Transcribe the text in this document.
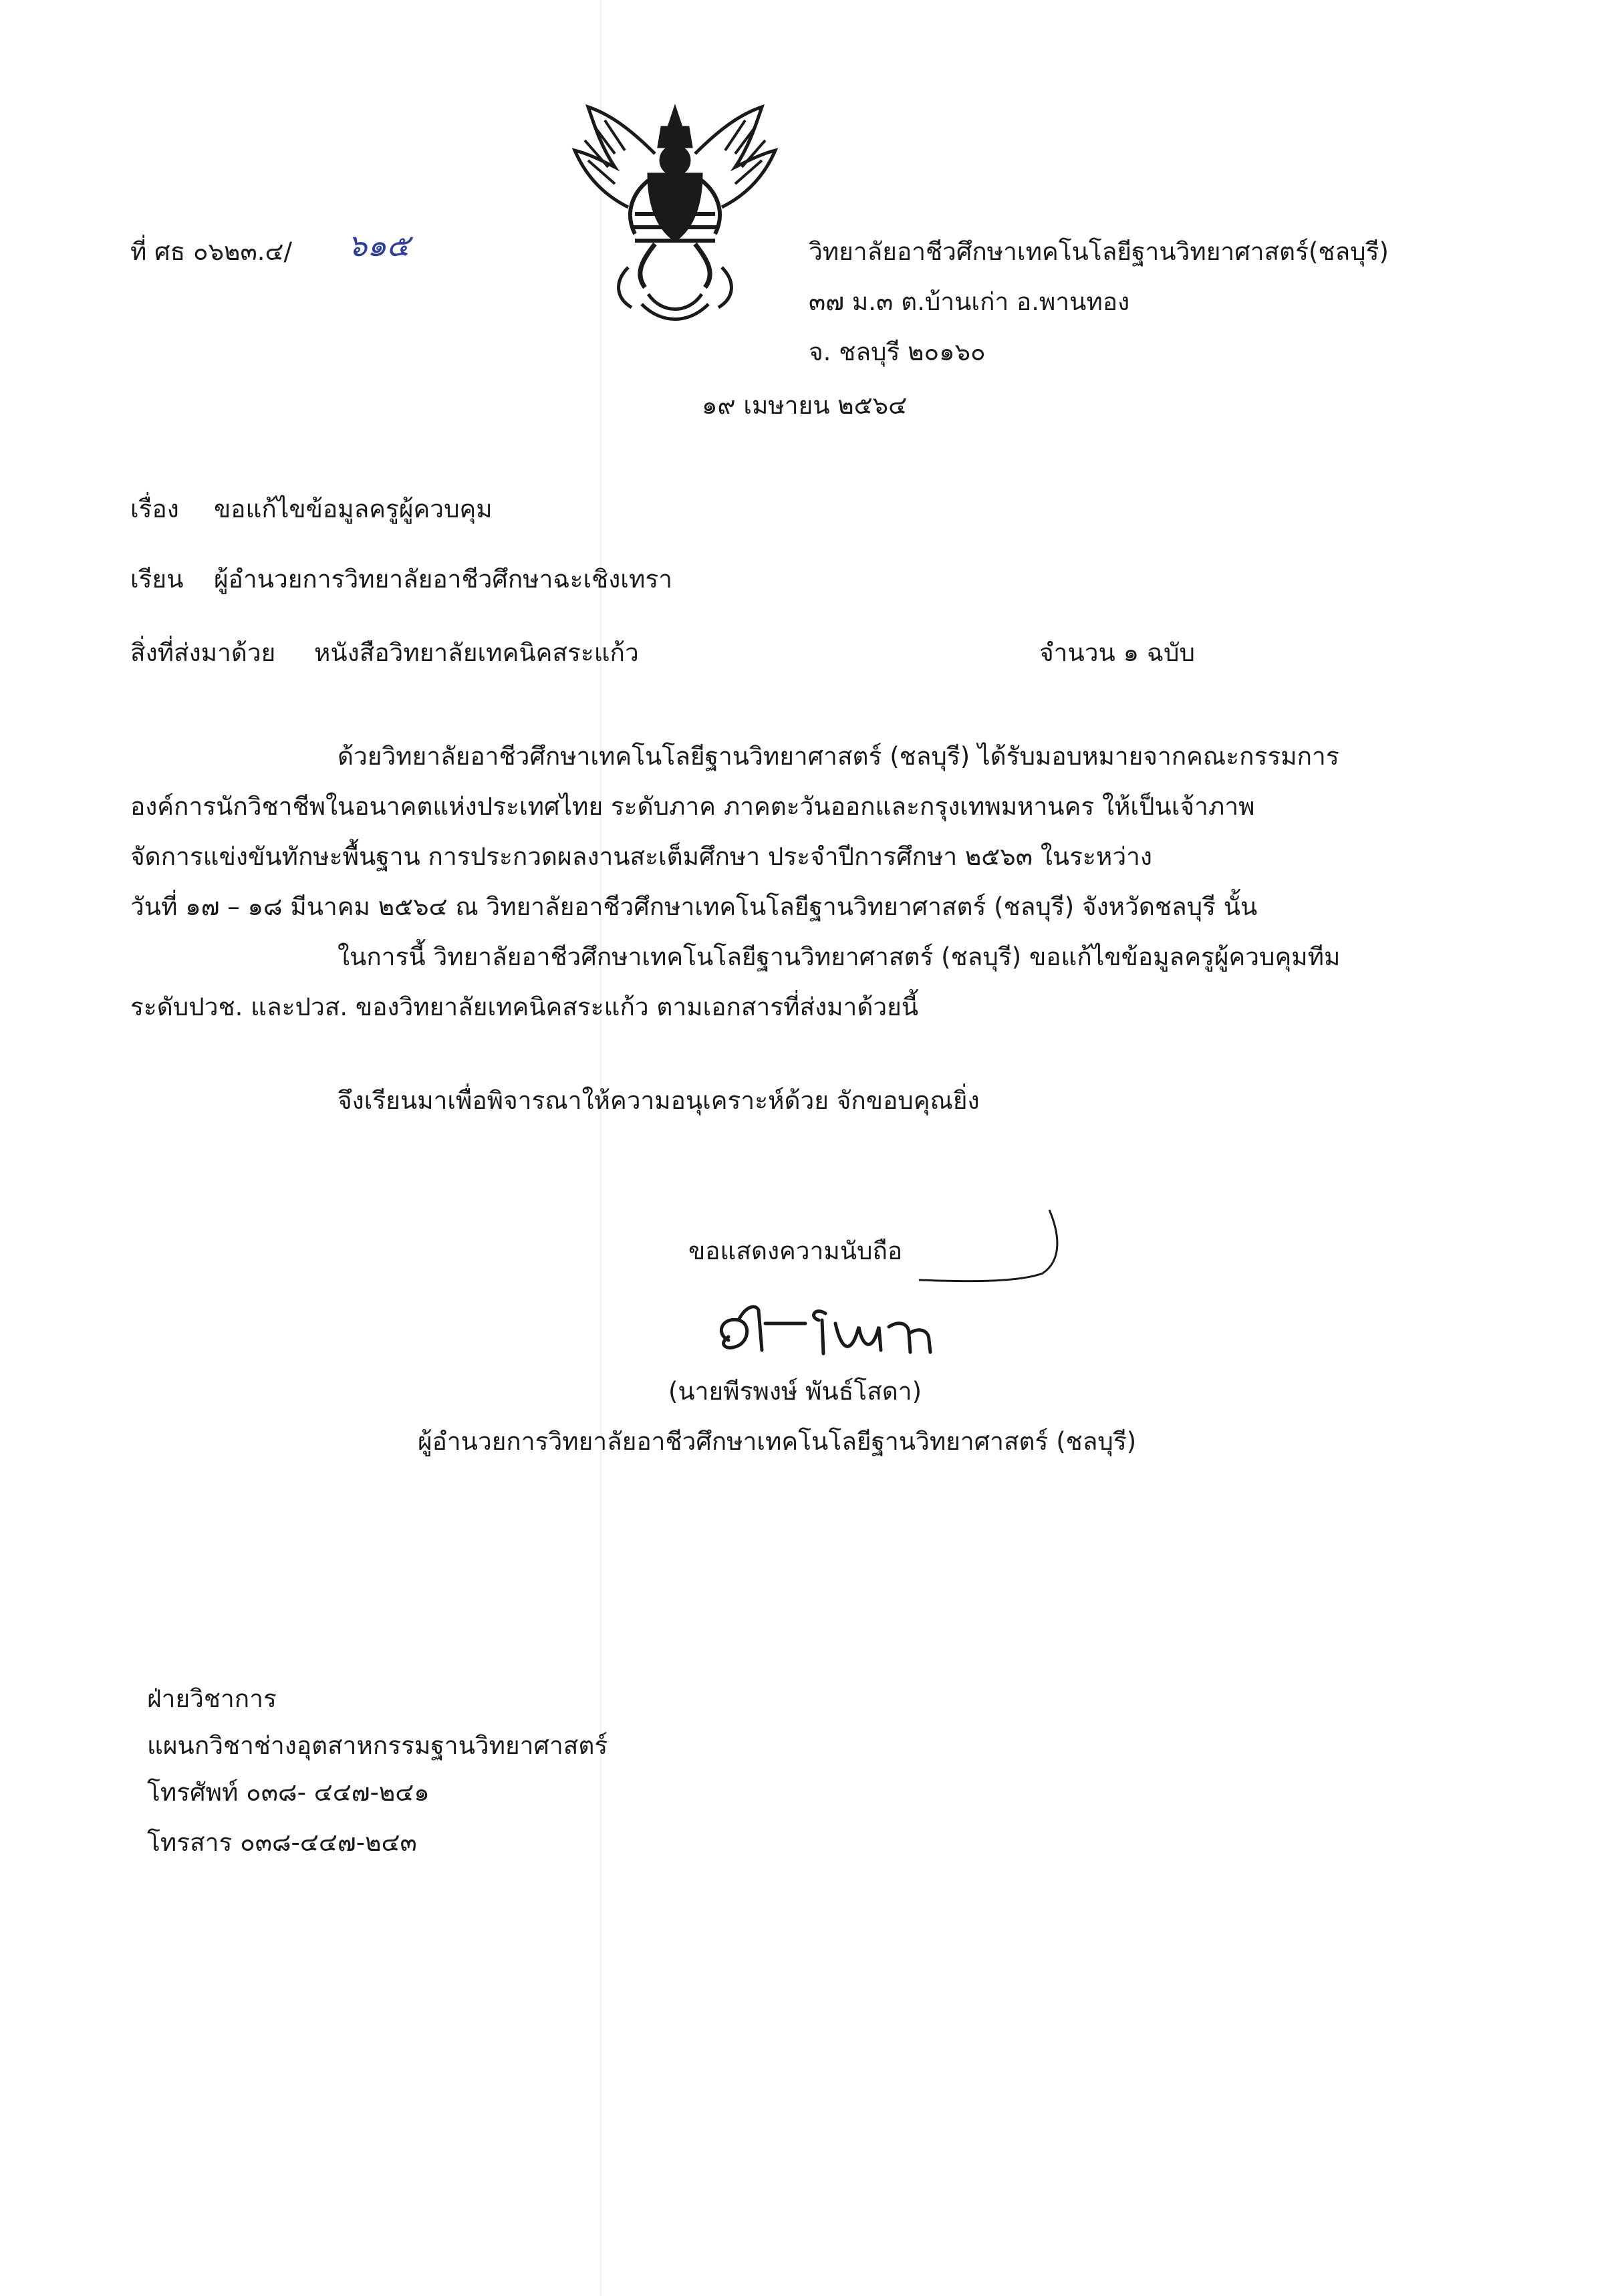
ที่ ศธ ๐๖๒๓.๔/ ๖๑๕	วิทยาลัยอาชีวศึกษาเทคโนโลยีฐานวิทยาศาสตร์(ชลบุรี)
๓๗ ม.๓ ต.บ้านเก่า อ.พานทอง
จ. ชลบุรี ๒๐๑๖๐
๑๙ เมษายน ๒๕๖๔
เรื่อง ขอแก้ไขข้อมูลครูผู้ควบคุม
เรียน ผู้อำนวยการวิทยาลัยอาชีวศึกษาฉะเชิงเทรา
สิ่งที่ส่งมาด้วย หนังสือวิทยาลัยเทคนิคสระแก้ว	จำนวน ๑ ฉบับ
ด้วยวิทยาลัยอาชีวศึกษาเทคโนโลยีฐานวิทยาศาสตร์ (ชลบุรี) ได้รับมอบหมายจากคณะกรรมการ
องค์การนักวิชาชีพในอนาคตแห่งประเทศไทย ระดับภาค ภาคตะวันออกและกรุงเทพมหานคร ให้เป็นเจ้าภาพ
จัดการแข่งขันทักษะพื้นฐาน การประกวดผลงานสะเต็มศึกษา ประจำปีการศึกษา ๒๕๖๓ ในระหว่าง
วันที่ ๑๗ – ๑๘ มีนาคม ๒๕๖๔ ณ วิทยาลัยอาชีวศึกษาเทคโนโลยีฐานวิทยาศาสตร์ (ชลบุรี) จังหวัดชลบุรี นั้น
ในการนี้ วิทยาลัยอาชีวศึกษาเทคโนโลยีฐานวิทยาศาสตร์ (ชลบุรี) ขอแก้ไขข้อมูลครูผู้ควบคุมทีม
ระดับปวช. และปวส. ของวิทยาลัยเทคนิคสระแก้ว ตามเอกสารที่ส่งมาด้วยนี้
จึงเรียนมาเพื่อพิจารณาให้ความอนุเคราะห์ด้วย จักขอบคุณยิ่ง
ขอแสดงความนับถือ
(นายพีรพงษ์ พันธ์โสดา)
ผู้อำนวยการวิทยาลัยอาชีวศึกษาเทคโนโลยีฐานวิทยาศาสตร์ (ชลบุรี)
ฝ่ายวิชาการ
แผนกวิชาช่างอุตสาหกรรมฐานวิทยาศาสตร์
โทรศัพท์ ๐๓๘- ๔๔๗-๒๔๑
โทรสาร ๐๓๘-๔๔๗-๒๔๓
